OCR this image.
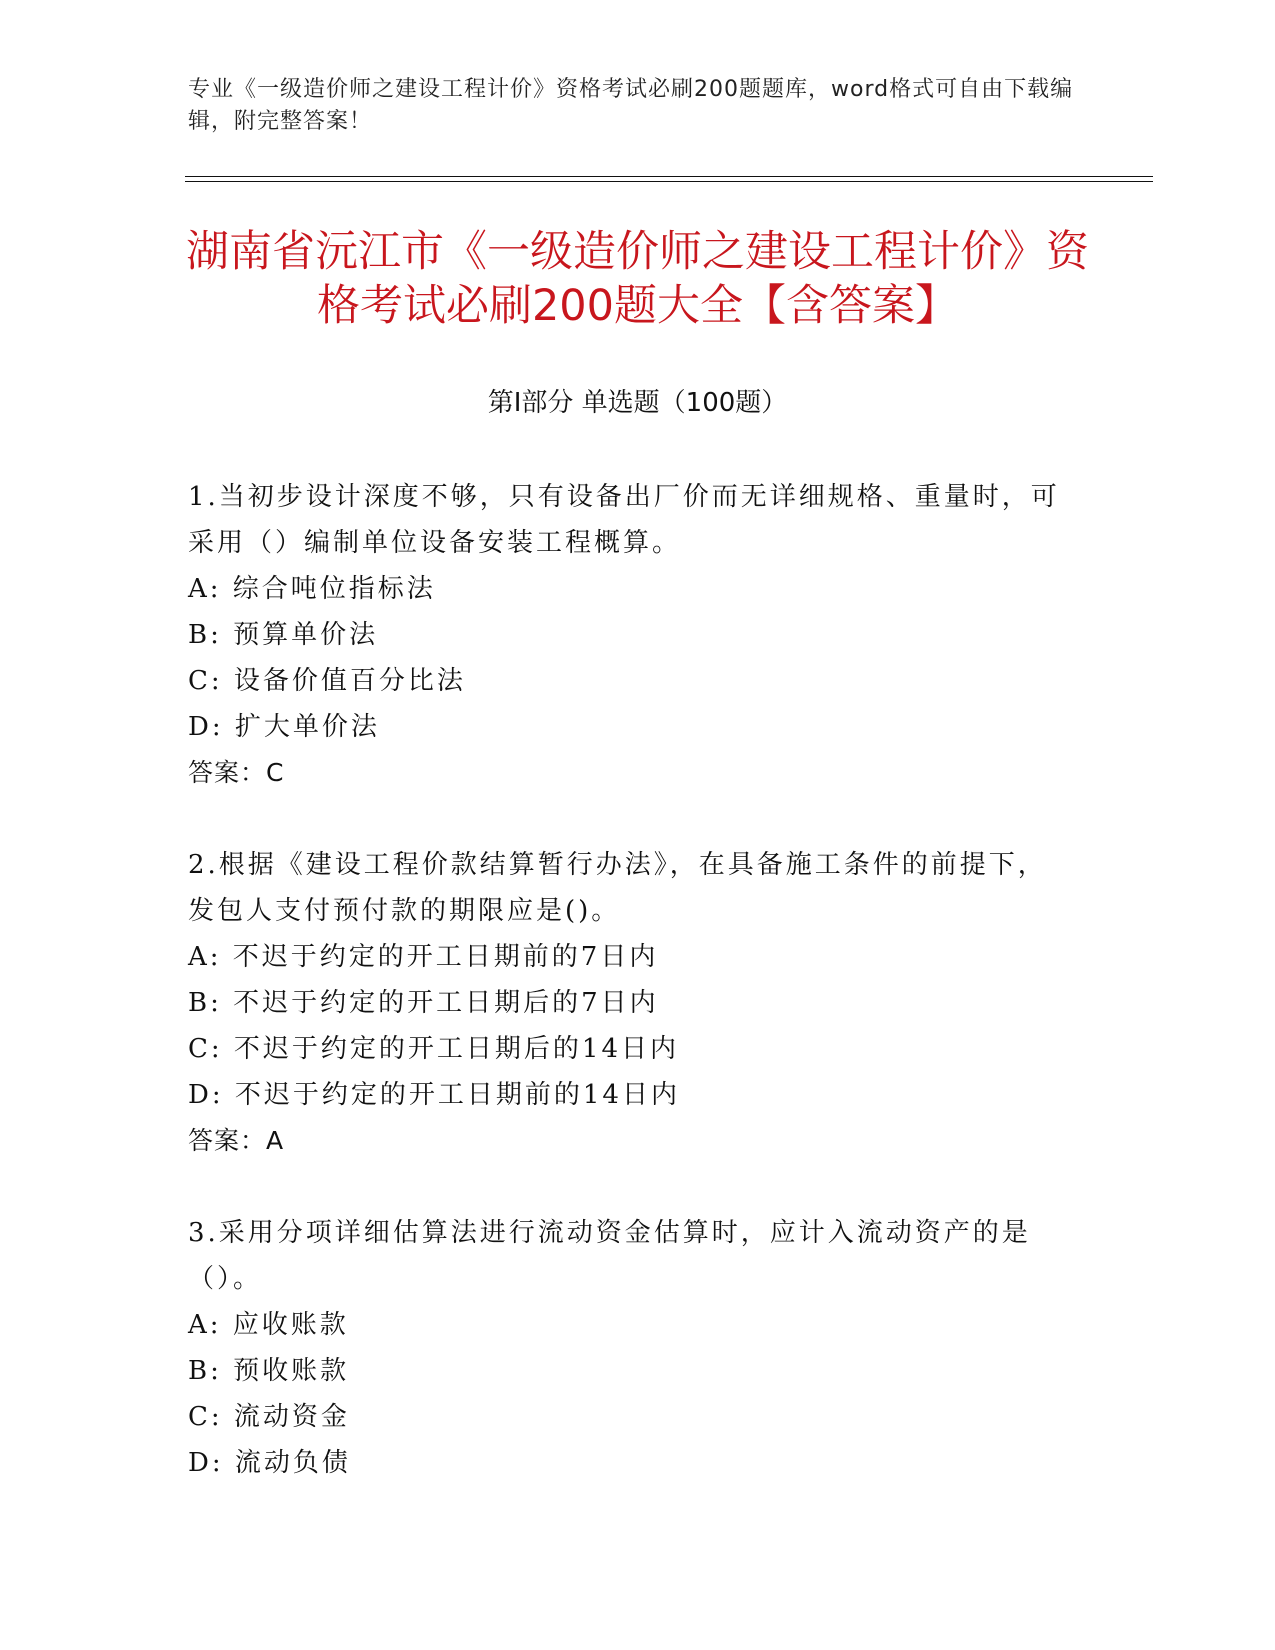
专业《一级造价师之建设工程计价》资格考试必刷200题题库，word格式可自由下载编辑，附完整答案！
湖南省沅江市《一级造价师之建设工程计价》资格考试必刷200题大全【含答案】
第Ⅰ部分 单选题（100题）
1.当初步设计深度不够，只有设备出厂价而无详细规格、重量时，可采用（）编制单位设备安装工程概算。
A: 综合吨位指标法
B: 预算单价法
C: 设备价值百分比法
D: 扩大单价法
答案：C
2.根据《建设工程价款结算暂行办法》，在具备施工条件的前提下，发包人支付预付款的期限应是()。
A: 不迟于约定的开工日期前的7日内
B: 不迟于约定的开工日期后的7日内
C: 不迟于约定的开工日期后的14日内
D: 不迟于约定的开工日期前的14日内
答案：A
3.采用分项详细估算法进行流动资金估算时，应计入流动资产的是（）。
A: 应收账款
B: 预收账款
C: 流动资金
D: 流动负债
